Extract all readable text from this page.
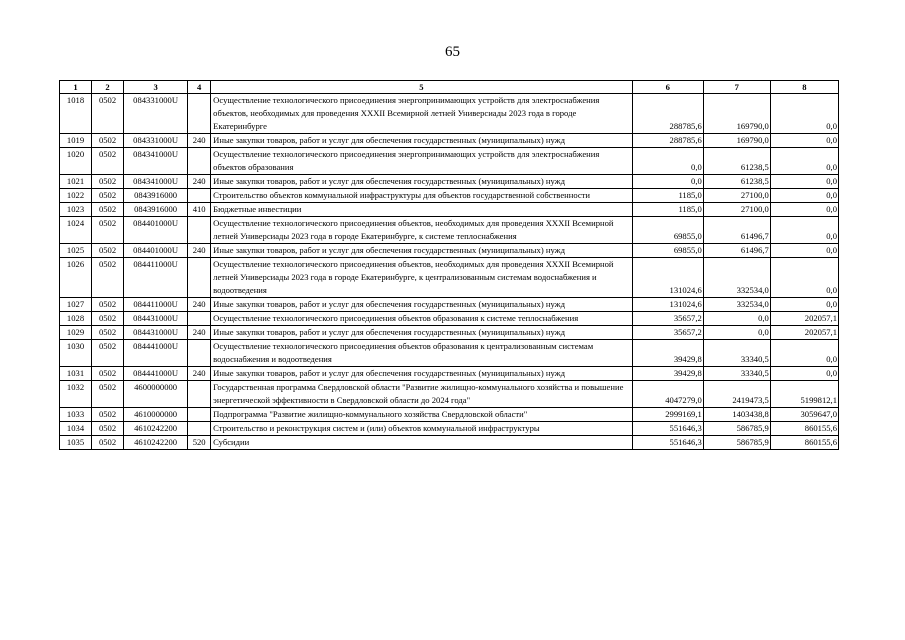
65
1	2	3	4	5	6	7	8
1018	0502	084331000U		Осуществление технологического присоединения энергопринимающих устройств для электроснабжения объектов, необходимых для проведения XXXII Всемирной летней Универсиады 2023 года в городе Екатеринбурге	288785,6	169790,0	0,0
1019	0502	084331000U	240	Иные закупки товаров, работ и услуг для обеспечения государственных (муниципальных) нужд	288785,6	169790,0	0,0
1020	0502	084341000U		Осуществление технологического присоединения энергопринимающих устройств для электроснабжения объектов образования	0,0	61238,5	0,0
1021	0502	084341000U	240	Иные закупки товаров, работ и услуг для обеспечения государственных (муниципальных) нужд	0,0	61238,5	0,0
1022	0502	0843916000		Строительство объектов коммунальной инфраструктуры для объектов государственной собственности	1185,0	27100,0	0,0
1023	0502	0843916000	410	Бюджетные инвестиции	1185,0	27100,0	0,0
1024	0502	084401000U		Осуществление технологического присоединения объектов, необходимых для проведения XXXII Всемирной летней Универсиады 2023 года в городе Екатеринбурге, к системе теплоснабжения	69855,0	61496,7	0,0
1025	0502	084401000U	240	Иные закупки товаров, работ и услуг для обеспечения государственных (муниципальных) нужд	69855,0	61496,7	0,0
1026	0502	084411000U		Осуществление технологического присоединения объектов, необходимых для проведения XXXII Всемирной летней Универсиады 2023 года в городе Екатеринбурге, к централизованным системам водоснабжения и водоотведения	131024,6	332534,0	0,0
1027	0502	084411000U	240	Иные закупки товаров, работ и услуг для обеспечения государственных (муниципальных) нужд	131024,6	332534,0	0,0
1028	0502	084431000U		Осуществление технологического присоединения объектов образования к системе теплоснабжения	35657,2	0,0	202057,1
1029	0502	084431000U	240	Иные закупки товаров, работ и услуг для обеспечения государственных (муниципальных) нужд	35657,2	0,0	202057,1
1030	0502	084441000U		Осуществление технологического присоединения объектов образования к централизованным системам водоснабжения и водоотведения	39429,8	33340,5	0,0
1031	0502	084441000U	240	Иные закупки товаров, работ и услуг для обеспечения государственных (муниципальных) нужд	39429,8	33340,5	0,0
1032	0502	4600000000		Государственная программа Свердловской области "Развитие жилищно-коммунального хозяйства и повышение энергетической эффективности в Свердловской области до 2024 года"	4047279,0	2419473,5	5199812,1
1033	0502	4610000000		Подпрограмма "Развитие жилищно-коммунального хозяйства Свердловской области"	2999169,1	1403438,8	3059647,0
1034	0502	4610242200		Строительство и реконструкция систем и (или) объектов коммунальной инфраструктуры	551646,3	586785,9	860155,6
1035	0502	4610242200	520	Субсидии	551646,3	586785,9	860155,6
